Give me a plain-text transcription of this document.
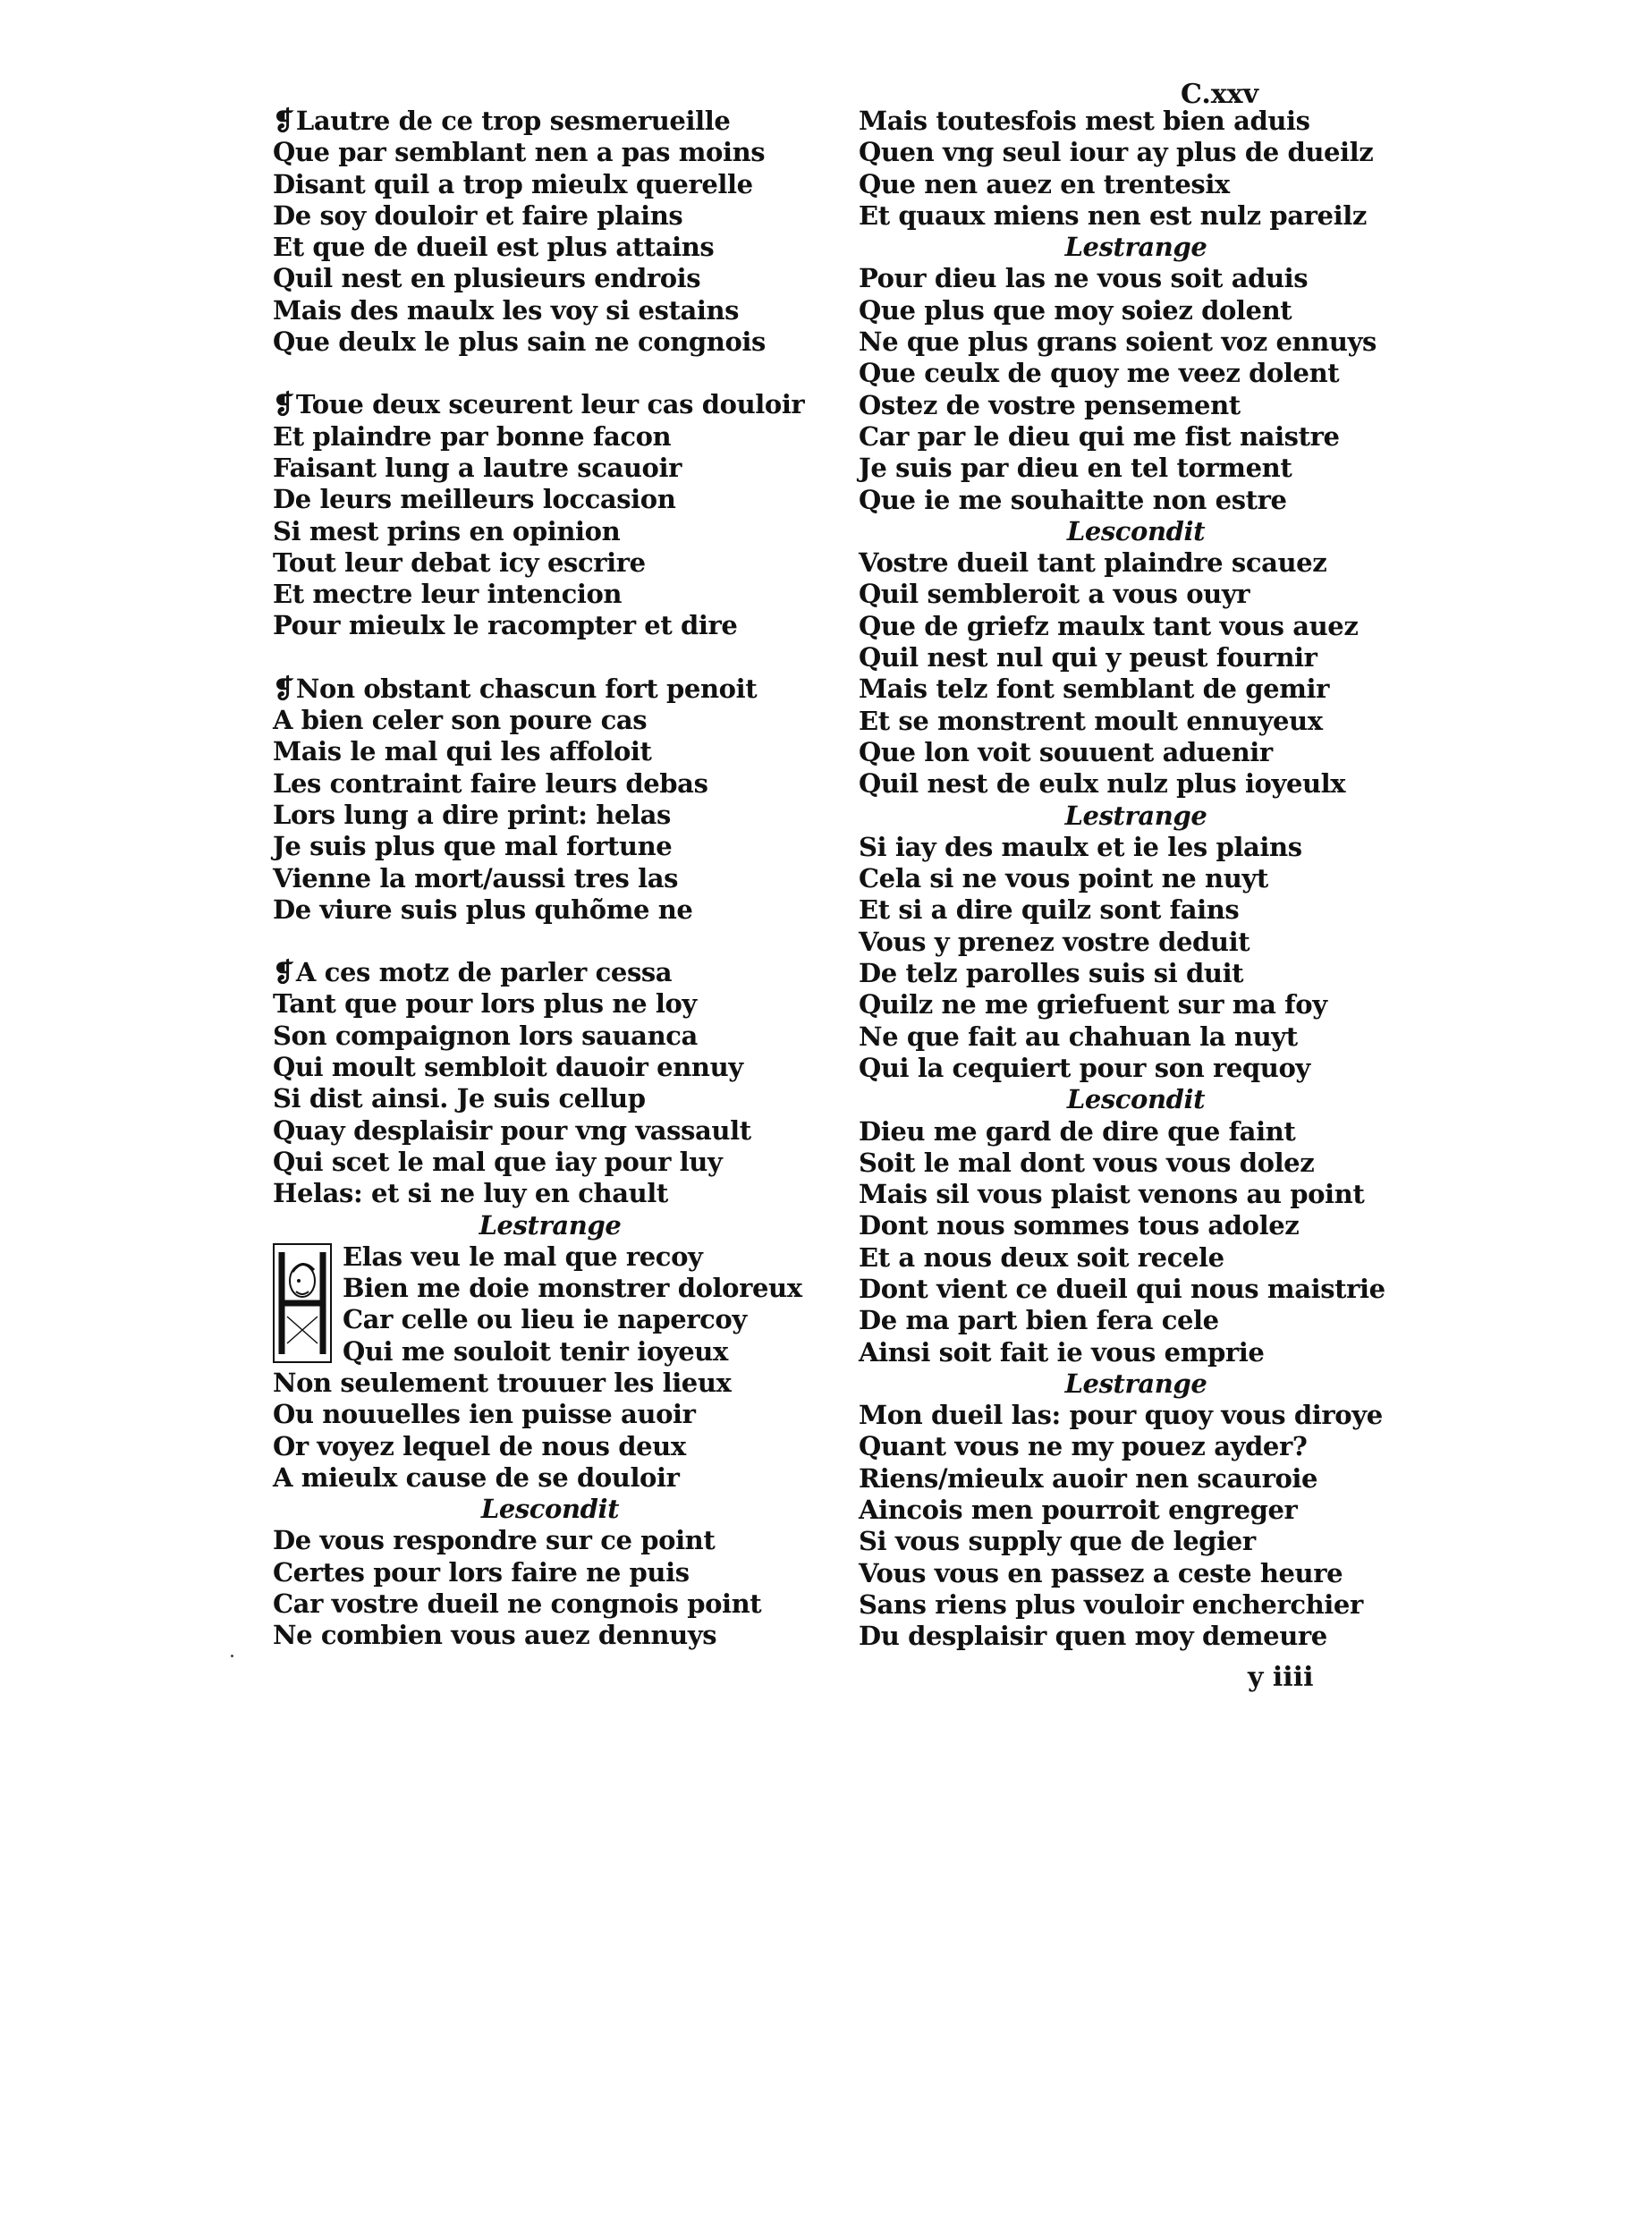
C.xxv
❡Lautre de ce trop sesmerueille
Que par semblant nen a pas moins
Disant quil a trop mieulx querelle
De soy douloir et faire plains
Et que de dueil est plus attains
Quil nest en plusieurs endrois
Mais des maulx les voy si estains
Que deulx le plus sain ne congnois
❡Toue deux sceurent leur cas douloir
Et plaindre par bonne facon
Faisant lung a lautre scauoir
De leurs meilleurs loccasion
Si mest prins en opinion
Tout leur debat icy escrire
Et mectre leur intencion
Pour mieulx le racompter et dire
❡Non obstant chascun fort penoit
A bien celer son poure cas
Mais le mal qui les affoloit
Les contraint faire leurs debas
Lors lung a dire print: helas
Je suis plus que mal fortune
Vienne la mort/aussi tres las
De viure suis plus quhõme ne
❡A ces motz de parler cessa
Tant que pour lors plus ne loy
Son compaignon lors sauanca
Qui moult sembloit dauoir ennuy
Si dist ainsi. Je suis cellup
Quay desplaisir pour vng vassault
Qui scet le mal que iay pour luy
Helas: et si ne luy en chault
Lestrange
Elas veu le mal que recoy
Bien me doie monstrer doloreux
Car celle ou lieu ie napercoy
Qui me souloit tenir ioyeux
Non seulement trouuer les lieux
Ou nouuelles ien puisse auoir
Or voyez lequel de nous deux
A mieulx cause de se douloir
Lescondit
De vous respondre sur ce point
Certes pour lors faire ne puis
Car vostre dueil ne congnois point
Ne combien vous auez dennuys
Mais toutesfois mest bien aduis
Quen vng seul iour ay plus de dueilz
Que nen auez en trentesix
Et quaux miens nen est nulz pareilz
Lestrange
Pour dieu las ne vous soit aduis
Que plus que moy soiez dolent
Ne que plus grans soient voz ennuys
Que ceulx de quoy me veez dolent
Ostez de vostre pensement
Car par le dieu qui me fist naistre
Je suis par dieu en tel torment
Que ie me souhaitte non estre
Lescondit
Vostre dueil tant plaindre scauez
Quil sembleroit a vous ouyr
Que de griefz maulx tant vous auez
Quil nest nul qui y peust fournir
Mais telz font semblant de gemir
Et se monstrent moult ennuyeux
Que lon voit souuent aduenir
Quil nest de eulx nulz plus ioyeulx
Lestrange
Si iay des maulx et ie les plains
Cela si ne vous point ne nuyt
Et si a dire quilz sont fains
Vous y prenez vostre deduit
De telz parolles suis si duit
Quilz ne me griefuent sur ma foy
Ne que fait au chahuan la nuyt
Qui la cequiert pour son requoy
Lescondit
Dieu me gard de dire que faint
Soit le mal dont vous vous dolez
Mais sil vous plaist venons au point
Dont nous sommes tous adolez
Et a nous deux soit recele
Dont vient ce dueil qui nous maistrie
De ma part bien fera cele
Ainsi soit fait ie vous emprie
Lestrange
Mon dueil las: pour quoy vous diroye
Quant vous ne my pouez ayder?
Riens/mieulx auoir nen scauroie
Aincois men pourroit engreger
Si vous supply que de legier
Vous vous en passez a ceste heure
Sans riens plus vouloir encherchier
Du desplaisir quen moy demeure
y iiii
